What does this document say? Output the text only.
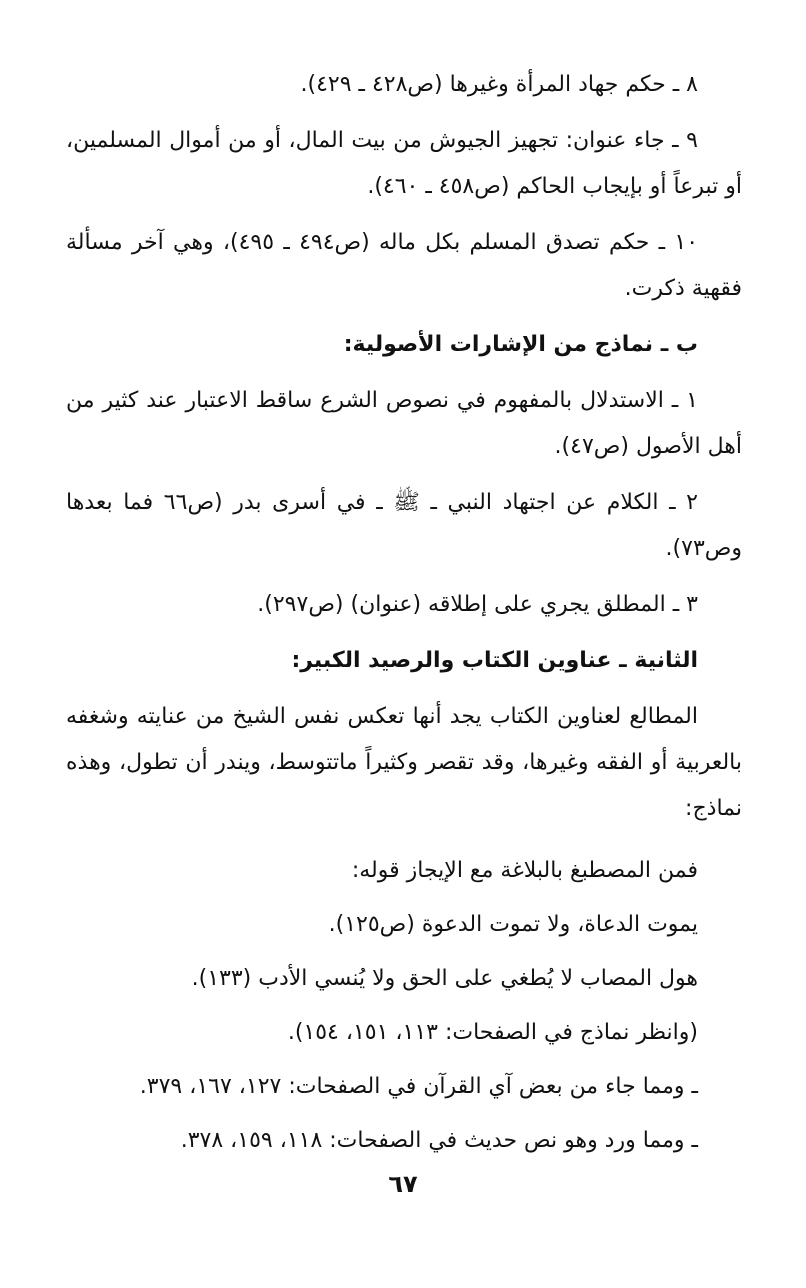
٨ ـ حكم جهاد المرأة وغيرها (ص٤٢٨ ـ ٤٢٩).
٩ ـ جاء عنوان: تجهيز الجيوش من بيت المال، أو من أموال المسلمين،
أو تبرعاً أو بإيجاب الحاكم (ص٤٥٨ ـ ٤٦٠).
١٠ ـ حكم تصدق المسلم بكل ماله (ص٤٩٤ ـ ٤٩٥)، وهي آخر مسألة
فقهية ذكرت.
ب ـ نماذج من الإشارات الأصولية:
١ ـ الاستدلال بالمفهوم في نصوص الشرع ساقط الاعتبار عند كثير من
أهل الأصول (ص٤٧).
٢ ـ الكلام عن اجتهاد النبي ـ ﷺ ـ في أسرى بدر (ص٦٦ فما بعدها
وص٧٣).
٣ ـ المطلق يجري على إطلاقه (عنوان) (ص٢٩٧).
الثانية ـ عناوين الكتاب والرصيد الكبير:
المطالع لعناوين الكتاب يجد أنها تعكس نفس الشيخ من عنايته وشغفه
بالعربية أو الفقه وغيرها، وقد تقصر وكثيراً ماتتوسط، ويندر أن تطول، وهذه
نماذج:
فمن المصطبغ بالبلاغة مع الإيجاز قوله:
يموت الدعاة، ولا تموت الدعوة (ص١٢٥).
هول المصاب لا يُطغي على الحق ولا يُنسي الأدب (١٣٣).
(وانظر نماذج في الصفحات: ١١٣، ١٥١، ١٥٤).
ـ ومما جاء من بعض آي القرآن في الصفحات: ١٢٧، ١٦٧، ٣٧٩.
ـ ومما ورد وهو نص حديث في الصفحات: ١١٨، ١٥٩، ٣٧٨.
٦٧
